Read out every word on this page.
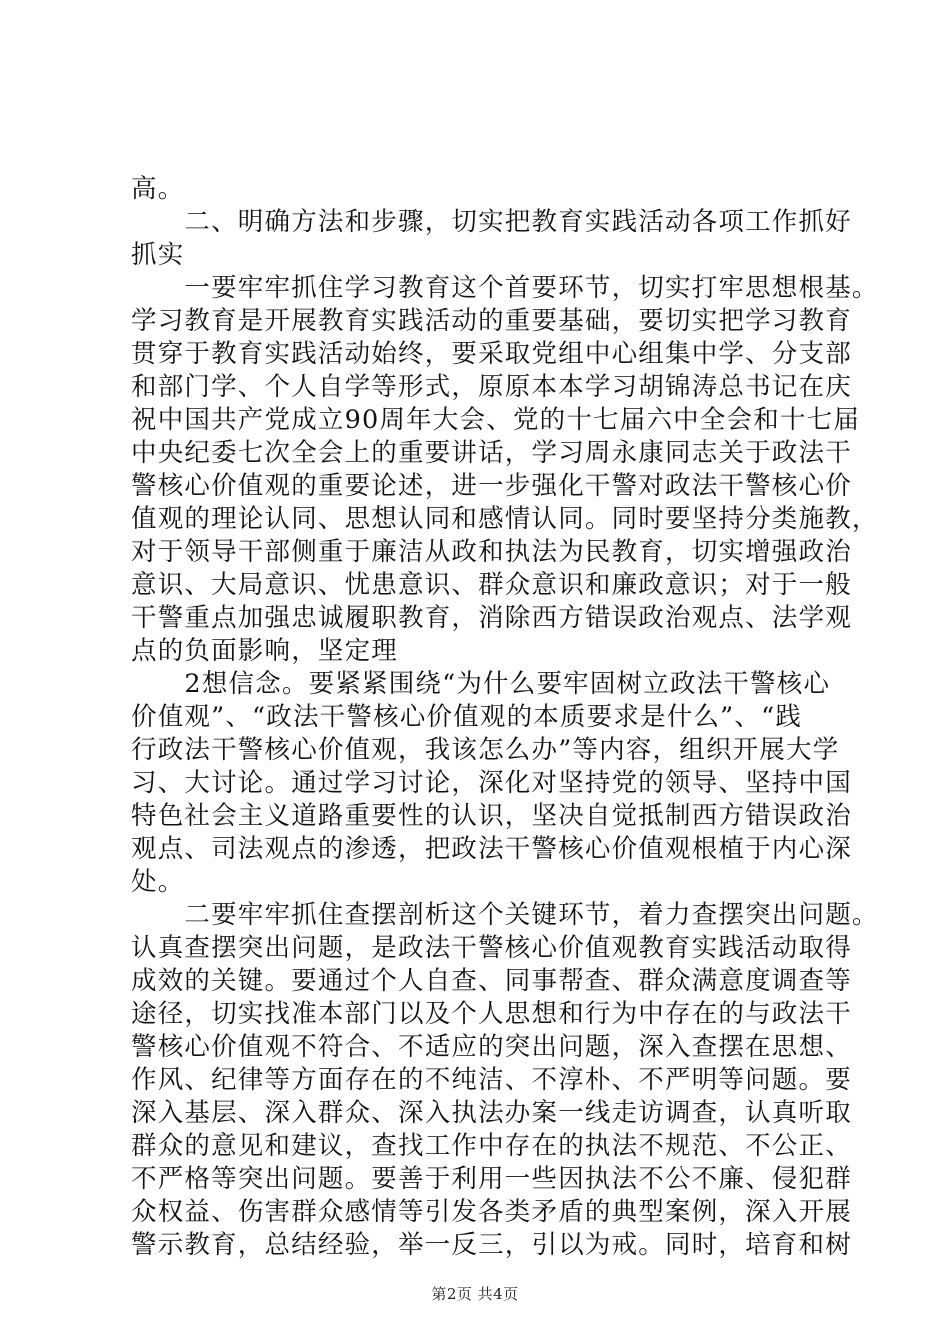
高。
　　二、明确方法和步骤，切实把教育实践活动各项工作抓好
抓实
　　一要牢牢抓住学习教育这个首要环节，切实打牢思想根基。
学习教育是开展教育实践活动的重要基础，要切实把学习教育
贯穿于教育实践活动始终，要采取党组中心组集中学、分支部
和部门学、个人自学等形式，原原本本学习胡锦涛总书记在庆
祝中国共产党成立90周年大会、党的十七届六中全会和十七届
中央纪委七次全会上的重要讲话，学习周永康同志关于政法干
警核心价值观的重要论述，进一步强化干警对政法干警核心价
值观的理论认同、思想认同和感情认同。同时要坚持分类施教，
对于领导干部侧重于廉洁从政和执法为民教育，切实增强政治
意识、大局意识、忧患意识、群众意识和廉政意识；对于一般
干警重点加强忠诚履职教育，消除西方错误政治观点、法学观
点的负面影响，坚定理
　　2想信念。要紧紧围绕“为什么要牢固树立政法干警核心
价值观”、“政法干警核心价值观的本质要求是什么”、“践
行政法干警核心价值观，我该怎么办”等内容，组织开展大学
习、大讨论。通过学习讨论，深化对坚持党的领导、坚持中国
特色社会主义道路重要性的认识，坚决自觉抵制西方错误政治
观点、司法观点的渗透，把政法干警核心价值观根植于内心深
处。
　　二要牢牢抓住查摆剖析这个关键环节，着力查摆突出问题。
认真查摆突出问题，是政法干警核心价值观教育实践活动取得
成效的关键。要通过个人自查、同事帮查、群众满意度调查等
途径，切实找准本部门以及个人思想和行为中存在的与政法干
警核心价值观不符合、不适应的突出问题，深入查摆在思想、
作风、纪律等方面存在的不纯洁、不淳朴、不严明等问题。要
深入基层、深入群众、深入执法办案一线走访调查，认真听取
群众的意见和建议，查找工作中存在的执法不规范、不公正、
不严格等突出问题。要善于利用一些因执法不公不廉、侵犯群
众权益、伤害群众感情等引发各类矛盾的典型案例，深入开展
警示教育，总结经验，举一反三，引以为戒。同时，培育和树
第2页 共4页
